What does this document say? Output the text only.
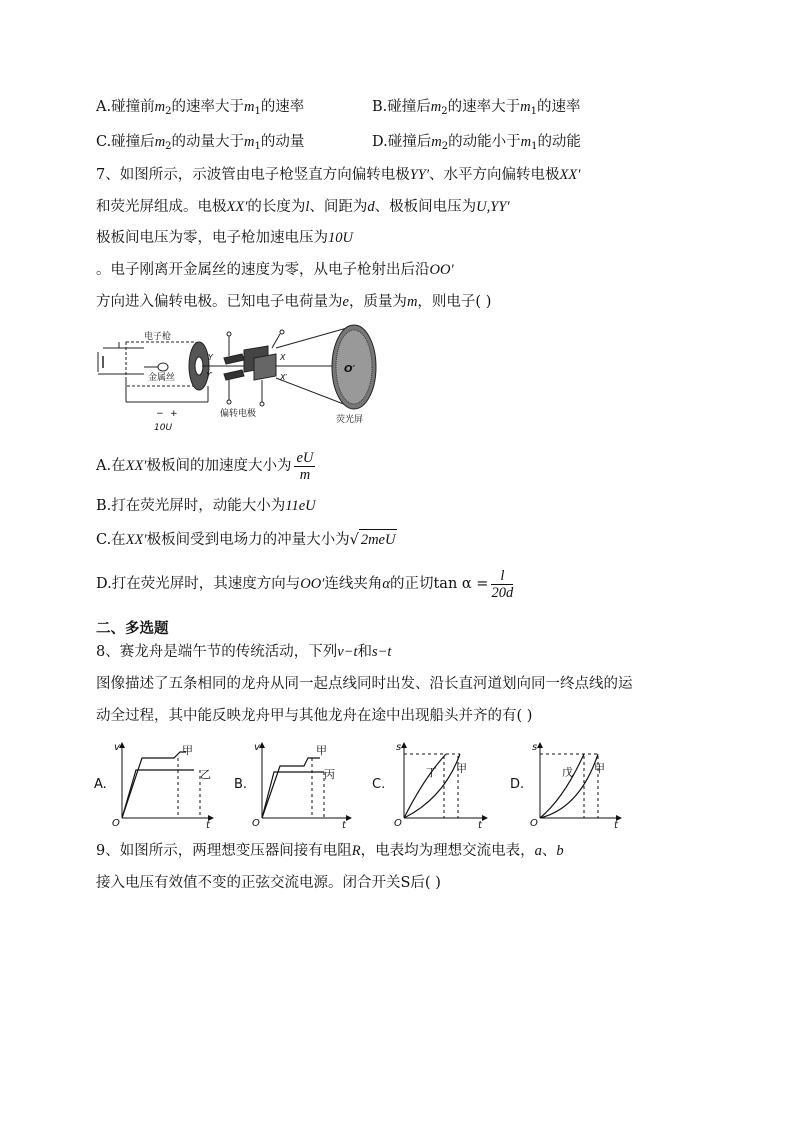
A.碰撞前$m_2$的速率大于$m_1$的速率	B.碰撞后$m_2$的速率大于$m_1$的速率
C.碰撞后$m_2$的动量大于$m_1$的动量	D.碰撞后$m_2$的动能小于$m_1$的动能
7、如图所示，示波管由电子枪竖直方向偏转电极YY′、水平方向偏转电极XX′
和荧光屏组成。电极XX′的长度为l、间距为d、极板间电压为U,YY′
极板间电压为零，电子枪加速电压为10U
。电子刚离开金属丝的速度为零，从电子枪射出后沿OO′
方向进入偏转电极。已知电子电荷量为e，质量为m，则电子( )
电子枪
金属丝
− +
10U
Y
Y′
X
X′
偏转电极
O′
荧光屏
A.在XX′极板间的加速度大小为 $\frac{eU}{m}$
B.打在荧光屏时，动能大小为11eU
C.在XX′极板间受到电场力的冲量大小为√ 2meU
D.打在荧光屏时，其速度方向与OO′连线夹角α的正切$\tan \alpha = \frac{l}{20d}$
二、多选题
8、赛龙舟是端午节的传统活动，下列v−t和s−t
图像描述了五条相同的龙舟从同一起点线同时出发、沿长直河道划向同一终点线的运
动全过程，其中能反映龙舟甲与其他龙舟在途中出现船头并齐的有( )
A.
v
O	t
甲
乙
B.
v
O	t
甲
丙
C.
s
O	t
丁 甲
D.
s
O	t
戊 甲
9、如图所示，两理想变压器间接有电阻R，电表均为理想交流电表，a、b
接入电压有效值不变的正弦交流电源。闭合开关S后( )
